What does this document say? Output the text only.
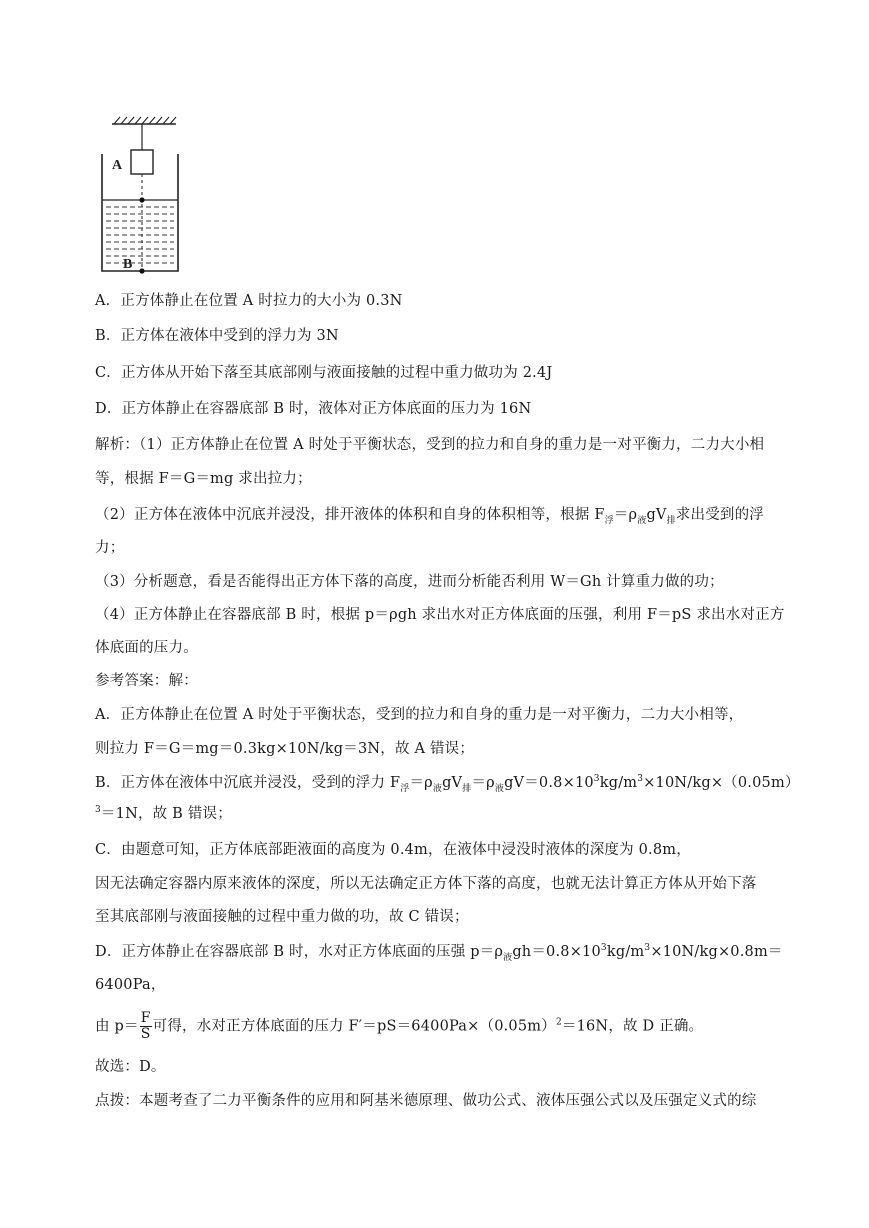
A
B
A．正方体静止在位置 A 时拉力的大小为 0.3N
B．正方体在液体中受到的浮力为 3N
C．正方体从开始下落至其底部刚与液面接触的过程中重力做功为 2.4J
D．正方体静止在容器底部 B 时，液体对正方体底面的压力为 16N
解析：（1）正方体静止在位置 A 时处于平衡状态，受到的拉力和自身的重力是一对平衡力，二力大小相
等，根据 F＝G＝mg 求出拉力；
（2）正方体在液体中沉底并浸没，排开液体的体积和自身的体积相等，根据 $F_浮=\rho_液gV_排$求出受到的浮
力；
（3）分析题意，看是否能得出正方体下落的高度，进而分析能否利用 W＝Gh 计算重力做的功；
（4）正方体静止在容器底部 B 时，根据 p＝ρgh 求出水对正方体底面的压强，利用 F＝pS 求出水对正方
体底面的压力。
参考答案：解：
A．正方体静止在位置 A 时处于平衡状态，受到的拉力和自身的重力是一对平衡力，二力大小相等，
则拉力 F＝G＝mg＝0.3kg×10N/kg＝3N，故 A 错误；
B．正方体在液体中沉底并浸没，受到的浮力 $F_浮=\rho_液gV_排=\rho_液gV=0.8\times 10^3kg/m^3\times 10N/kg\times(0.05m)$
$^3$＝1N，故 B 错误；
C．由题意可知，正方体底部距液面的高度为 0.4m，在液体中浸没时液体的深度为 0.8m，
因无法确定容器内原来液体的深度，所以无法确定正方体下落的高度，也就无法计算正方体从开始下落
至其底部刚与液面接触的过程中重力做的功，故 C 错误；
D．正方体静止在容器底部 B 时，水对正方体底面的压强 $p=\rho_液gh=0.8\times 10^3kg/m^3\times 10N/kg\times 0.8m=$
6400Pa，
由 $p= \frac{F}{S}$ 可得，水对正方体底面的压力 $F'=pS=6400Pa\times(0.05m)^2=16N$，故 D 正确。
故选：D。
点拨：本题考查了二力平衡条件的应用和阿基米德原理、做功公式、液体压强公式以及压强定义式的综
